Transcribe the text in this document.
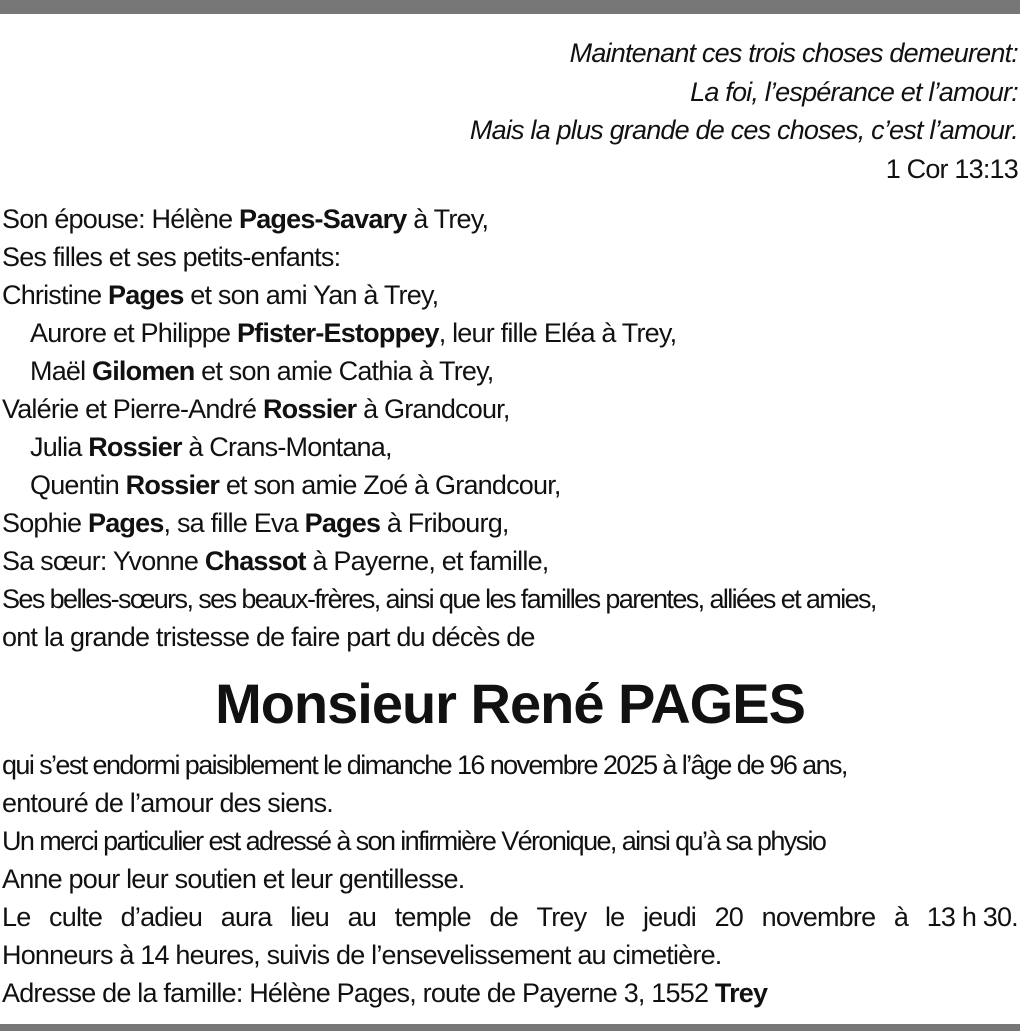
Maintenant ces trois choses demeurent:
La foi, l’espérance et l’amour:
Mais la plus grande de ces choses, c’est l’amour.
1 Cor 13:13
Son épouse: Hélène Pages-Savary à Trey,
Ses filles et ses petits-enfants:
Christine Pages et son ami Yan à Trey,
Aurore et Philippe Pfister-Estoppey, leur fille Eléa à Trey,
Maël Gilomen et son amie Cathia à Trey,
Valérie et Pierre-André Rossier à Grandcour,
Julia Rossier à Crans-Montana,
Quentin Rossier et son amie Zoé à Grandcour,
Sophie Pages, sa fille Eva Pages à Fribourg,
Sa sœur: Yvonne Chassot à Payerne, et famille,
Ses belles-sœurs, ses beaux-frères, ainsi que les familles parentes, alliées et amies,
ont la grande tristesse de faire part du décès de
Monsieur René PAGES
qui s’est endormi paisiblement le dimanche 16 novembre 2025 à l’âge de 96 ans,
entouré de l’amour des siens.
Un merci particulier est adressé à son infirmière Véronique, ainsi qu’à sa physio
Anne pour leur soutien et leur gentillesse.
Le culte d’adieu aura lieu au temple de Trey le jeudi 20 novembre à 13 h 30.
Honneurs à 14 heures, suivis de l’ensevelissement au cimetière.
Adresse de la famille: Hélène Pages, route de Payerne 3, 1552 Trey
